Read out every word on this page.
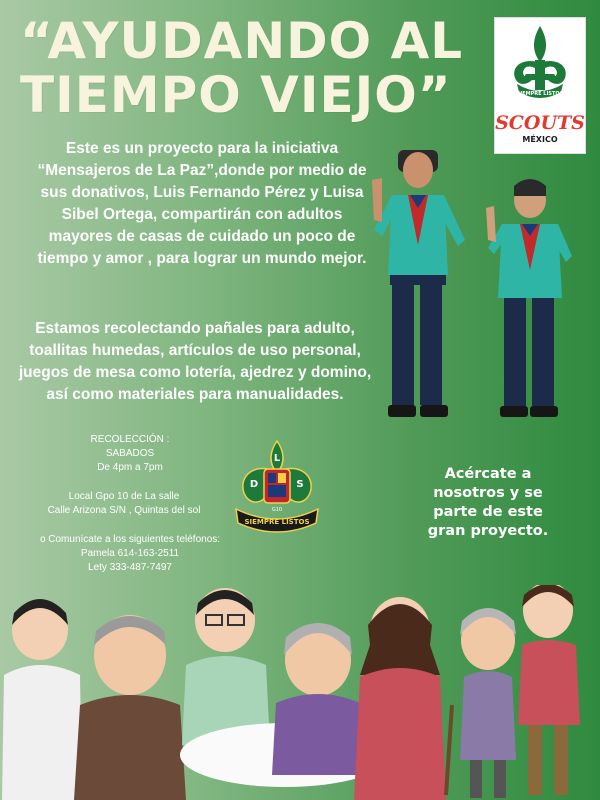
“AYUDANDO AL
TIEMPO VIEJO”	SIEMPRE LISTOS
SCOUTS
MÉXICO
Este es un proyecto para la iniciativa “Mensajeros de La Paz”,donde por medio de sus donativos, Luis Fernando Pérez y Luisa Sibel Ortega, compartirán con adultos mayores de casas de cuidado un poco de tiempo y amor , para lograr un mundo mejor.
Estamos recolectando pañales para adulto, toallitas humedas, artículos de uso personal, juegos de mesa como lotería, ajedrez y domino, así como materiales para manualidades.
RECOLECCIÓN :
SABADOS
De 4pm a 7pm
Local Gpo 10 de La salle
Calle Arizona S/N , Quintas del sol
o Comunícate a los siguientes teléfonos:
Pamela 614-163-2511
Lety 333-487-7497
L
D	S
G10
SIEMPRE LISTOS
Acércate a nosotros y se parte de este gran proyecto.
